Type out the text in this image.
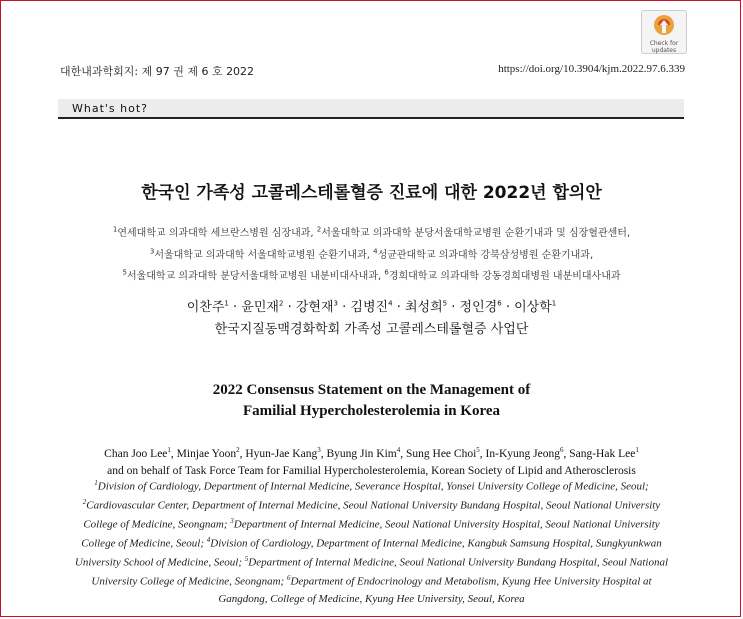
대한내과학회지: 제 97 권 제 6 호 2022	https://doi.org/10.3904/kjm.2022.97.6.339
Check for
updates
What's hot?
한국인 가족성 고콜레스테롤혈증 진료에 대한 2022년 합의안
$^1$연세대학교 의과대학 세브란스병원 심장내과, $^2$서울대학교 의과대학 분당서울대학교병원 순환기내과 및 심장혈관센터,
$^3$서울대학교 의과대학 서울대학교병원 순환기내과, $^4$성균관대학교 의과대학 강북삼성병원 순환기내과,
$^5$서울대학교 의과대학 분당서울대학교병원 내분비대사내과, $^6$경희대학교 의과대학 강동경희대병원 내분비대사내과
이찬주$^1$ · 윤민재$^2$ · 강현재$^3$ · 김병진$^4$ · 최성희$^5$ · 정인경$^6$ · 이상학$^1$
한국지질동맥경화학회 가족성 고콜레스테롤혈증 사업단
2022 Consensus Statement on the Management of
Familial Hypercholesterolemia in Korea
Chan Joo Lee$^1$, Minjae Yoon$^2$, Hyun-Jae Kang$^3$, Byung Jin Kim$^4$, Sung Hee Choi$^5$, In-Kyung Jeong$^6$, Sang-Hak Lee$^1$
and on behalf of Task Force Team for Familial Hypercholesterolemia, Korean Society of Lipid and Atherosclerosis
$^1$Division of Cardiology, Department of Internal Medicine, Severance Hospital, Yonsei University College of Medicine, Seoul;
$^2$Cardiovascular Center, Department of Internal Medicine, Seoul National University Bundang Hospital, Seoul National University
College of Medicine, Seongnam; $^3$Department of Internal Medicine, Seoul National University Hospital, Seoul National University
College of Medicine, Seoul; $^4$Division of Cardiology, Department of Internal Medicine, Kangbuk Samsung Hospital, Sungkyunkwan
University School of Medicine, Seoul; $^5$Department of Internal Medicine, Seoul National University Bundang Hospital, Seoul National
University College of Medicine, Seongnam; $^6$Department of Endocrinology and Metabolism, Kyung Hee University Hospital at
Gangdong, College of Medicine, Kyung Hee University, Seoul, Korea
